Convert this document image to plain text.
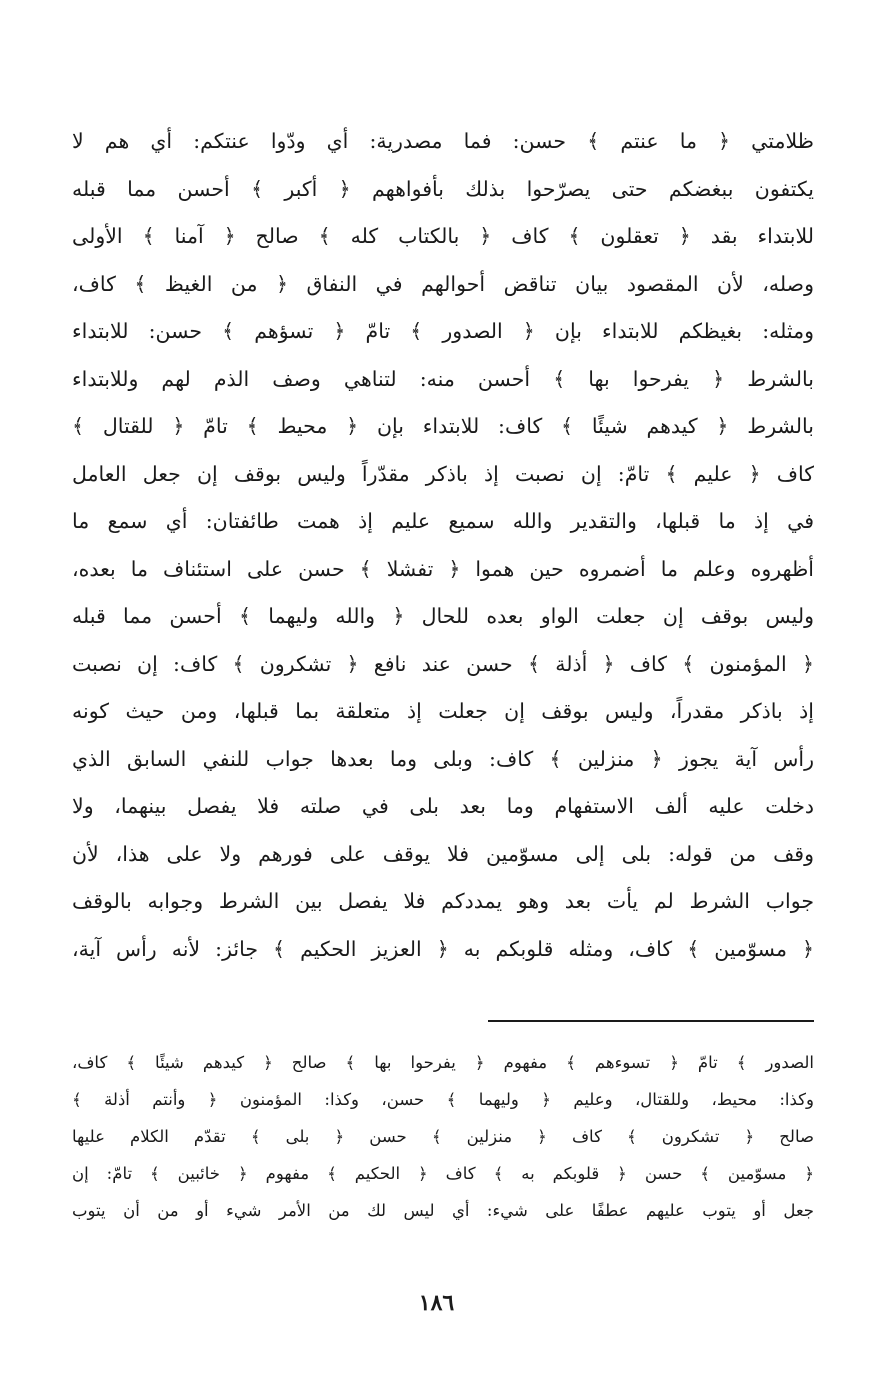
ظلامتي ﴿ ما عنتم ﴾ حسن: فما مصدرية: أي ودّوا عنتكم: أي هم لا
يكتفون ببغضكم حتى يصرّحوا بذلك بأفواههم ﴿ أكبر ﴾ أحسن مما قبله
للابتداء بقد ﴿ تعقلون ﴾ كاف ﴿ بالكتاب كله ﴾ صالح ﴿ آمنا ﴾ الأولى
وصله، لأن المقصود بيان تناقض أحوالهم في النفاق ﴿ من الغيظ ﴾ كاف،
ومثله: بغيظكم للابتداء بإن ﴿ الصدور ﴾ تامّ ﴿ تسؤهم ﴾ حسن: للابتداء
بالشرط ﴿ يفرحوا بها ﴾ أحسن منه: لتناهي وصف الذم لهم وللابتداء
بالشرط ﴿ كيدهم شيئًا ﴾ كاف: للابتداء بإن ﴿ محيط ﴾ تامّ ﴿ للقتال ﴾
كاف ﴿ عليم ﴾ تامّ: إن نصبت إذ باذكر مقدّراً وليس بوقف إن جعل العامل
في إذ ما قبلها، والتقدير والله سميع عليم إذ همت طائفتان: أي سمع ما
أظهروه وعلم ما أضمروه حين هموا ﴿ تفشلا ﴾ حسن على استئناف ما بعده،
وليس بوقف إن جعلت الواو بعده للحال ﴿ والله وليهما ﴾ أحسن مما قبله
﴿ المؤمنون ﴾ كاف ﴿ أذلة ﴾ حسن عند نافع ﴿ تشكرون ﴾ كاف: إن نصبت
إذ باذكر مقدراً، وليس بوقف إن جعلت إذ متعلقة بما قبلها، ومن حيث كونه
رأس آية يجوز ﴿ منزلين ﴾ كاف: وبلى وما بعدها جواب للنفي السابق الذي
دخلت عليه ألف الاستفهام وما بعد بلى في صلته فلا يفصل بينهما، ولا
وقف من قوله: بلى إلى مسوّمين فلا يوقف على فورهم ولا على هذا، لأن
جواب الشرط لم يأت بعد وهو يمددكم فلا يفصل بين الشرط وجوابه بالوقف
﴿ مسوّمين ﴾ كاف، ومثله قلوبكم به ﴿ العزيز الحكيم ﴾ جائز: لأنه رأس آية،
الصدور ﴾ تامّ ﴿ تسوءهم ﴾ مفهوم ﴿ يفرحوا بها ﴾ صالح ﴿ كيدهم شيئًا ﴾ كاف،
وكذا: محيط، وللقتال، وعليم ﴿ وليهما ﴾ حسن، وكذا: المؤمنون ﴿ وأنتم أذلة ﴾
صالح ﴿ تشكرون ﴾ كاف ﴿ منزلين ﴾ حسن ﴿ بلى ﴾ تقدّم الكلام عليها
﴿ مسوّمين ﴾ حسن ﴿ قلوبكم به ﴾ كاف ﴿ الحكيم ﴾ مفهوم ﴿ خائبين ﴾ تامّ: إن
جعل أو يتوب عليهم عطفًا على شيء: أي ليس لك من الأمر شيء أو من أن يتوب
١٨٦
